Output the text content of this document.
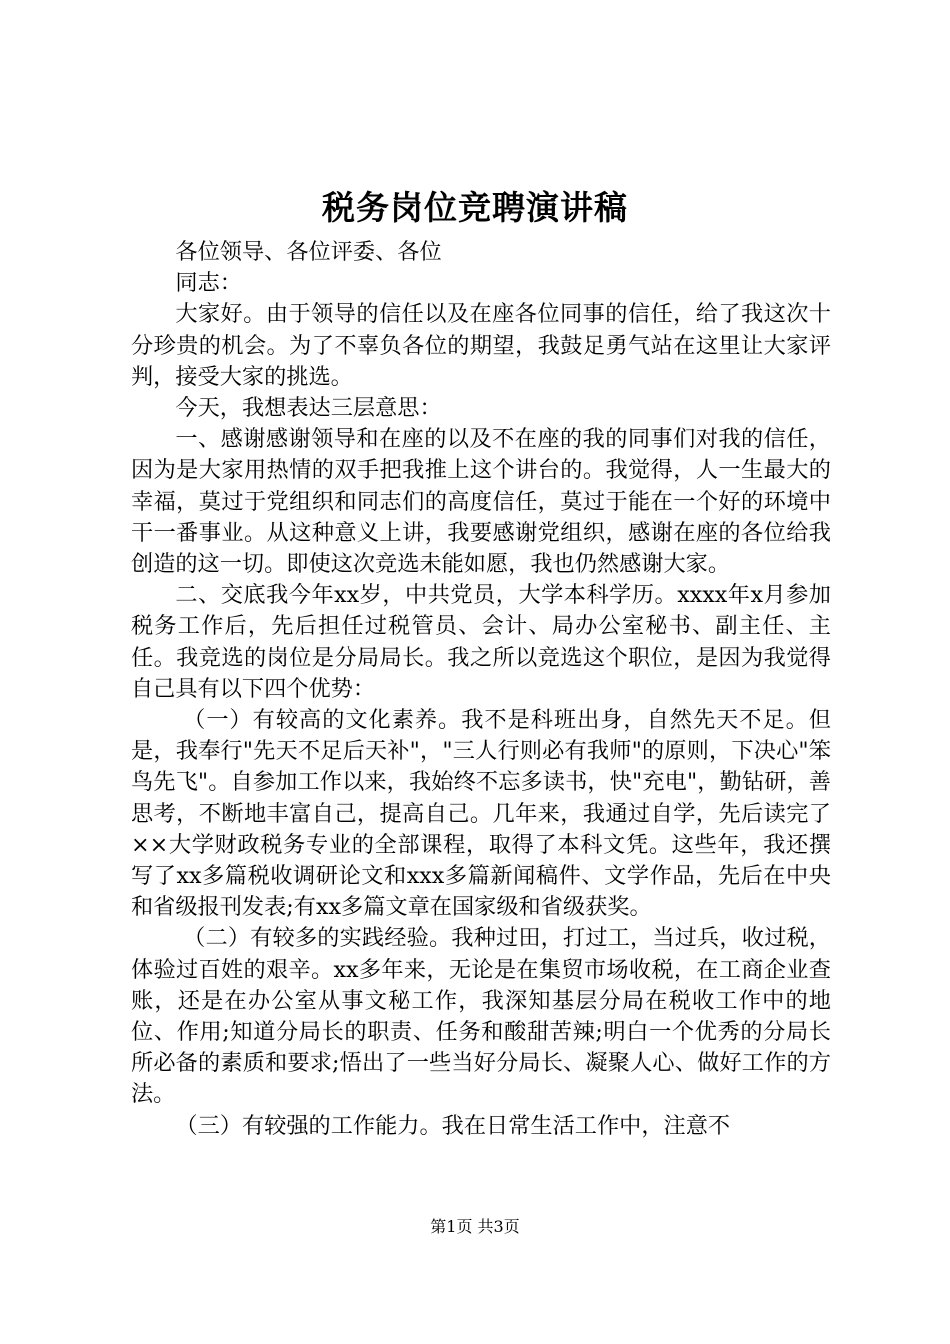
税务岗位竞聘演讲稿

各位领导、各位评委、各位

同志：

大家好。由于领导的信任以及在座各位同事的信任，给了我这次十分珍贵的机会。为了不辜负各位的期望，我鼓足勇气站在这里让大家评判，接受大家的挑选。

今天，我想表达三层意思：

一、感谢感谢领导和在座的以及不在座的我的同事们对我的信任，因为是大家用热情的双手把我推上这个讲台的。我觉得，人一生最大的幸福，莫过于党组织和同志们的高度信任，莫过于能在一个好的环境中干一番事业。从这种意义上讲，我要感谢党组织，感谢在座的各位给我创造的这一切。即使这次竞选未能如愿，我也仍然感谢大家。

二、交底我今年xx岁，中共党员，大学本科学历。xxxx年x月参加税务工作后，先后担任过税管员、会计、局办公室秘书、副主任、主任。我竞选的岗位是分局局长。我之所以竞选这个职位，是因为我觉得自己具有以下四个优势：

（一）有较高的文化素养。我不是科班出身，自然先天不足。但是，我奉行"先天不足后天补"，"三人行则必有我师"的原则，下决心"笨鸟先飞"。自参加工作以来，我始终不忘多读书，快"充电"，勤钻研，善思考，不断地丰富自己，提高自己。几年来，我通过自学，先后读完了××大学财政税务专业的全部课程，取得了本科文凭。这些年，我还撰写了xx多篇税收调研论文和xxx多篇新闻稿件、文学作品，先后在中央和省级报刊发表;有xx多篇文章在国家级和省级获奖。

（二）有较多的实践经验。我种过田，打过工，当过兵，收过税，体验过百姓的艰辛。xx多年来，无论是在集贸市场收税，在工商企业查账，还是在办公室从事文秘工作，我深知基层分局在税收工作中的地位、作用;知道分局长的职责、任务和酸甜苦辣;明白一个优秀的分局长所必备的素质和要求;悟出了一些当好分局长、凝聚人心、做好工作的方法。

（三）有较强的工作能力。我在日常生活工作中，注意不

第1页 共3页
